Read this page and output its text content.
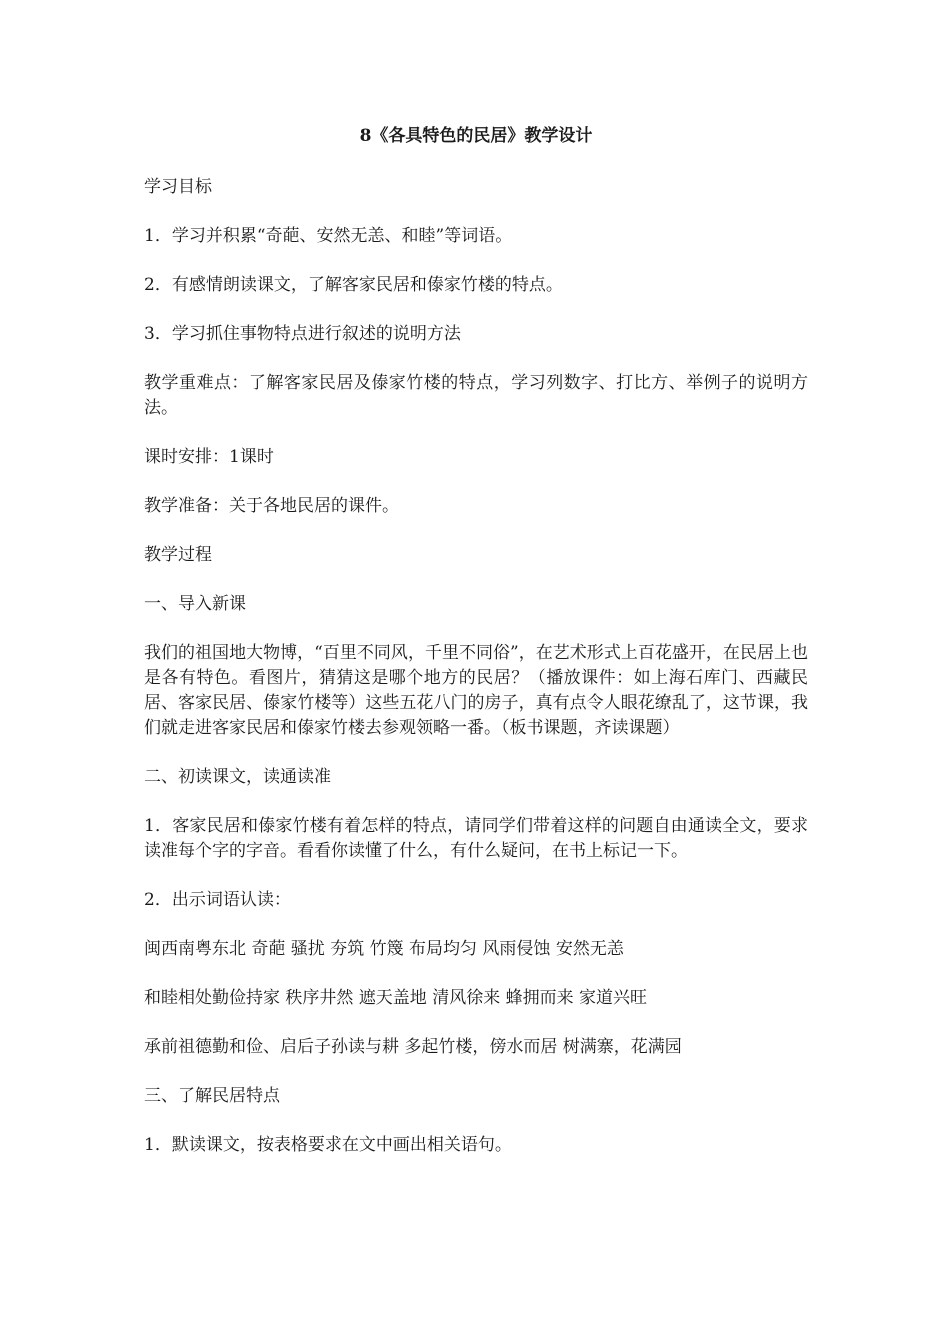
8《各具特色的民居》教学设计

学习目标

1．学习并积累“奇葩、安然无恙、和睦”等词语。

2．有感情朗读课文，了解客家民居和傣家竹楼的特点。

3．学习抓住事物特点进行叙述的说明方法

教学重难点：了解客家民居及傣家竹楼的特点，学习列数字、打比方、举例子的说明方法。

课时安排：1课时

教学准备：关于各地民居的课件。

教学过程

一、导入新课

我们的祖国地大物博，“百里不同风，千里不同俗”，在艺术形式上百花盛开，在民居上也是各有特色。看图片，猜猜这是哪个地方的民居？（播放课件：如上海石库门、西藏民居、客家民居、傣家竹楼等）这些五花八门的房子，真有点令人眼花缭乱了，这节课，我们就走进客家民居和傣家竹楼去参观领略一番。（板书课题，齐读课题）

二、初读课文，读通读准

1．客家民居和傣家竹楼有着怎样的特点，请同学们带着这样的问题自由通读全文，要求读准每个字的字音。看看你读懂了什么，有什么疑问，在书上标记一下。

2．出示词语认读：

闽西南粤东北 奇葩 骚扰 夯筑 竹篾 布局均匀 风雨侵蚀 安然无恙

和睦相处勤俭持家 秩序井然 遮天盖地 清风徐来 蜂拥而来 家道兴旺

承前祖德勤和俭、启后子孙读与耕 多起竹楼，傍水而居 树满寨，花满园

三、了解民居特点

1．默读课文，按表格要求在文中画出相关语句。
